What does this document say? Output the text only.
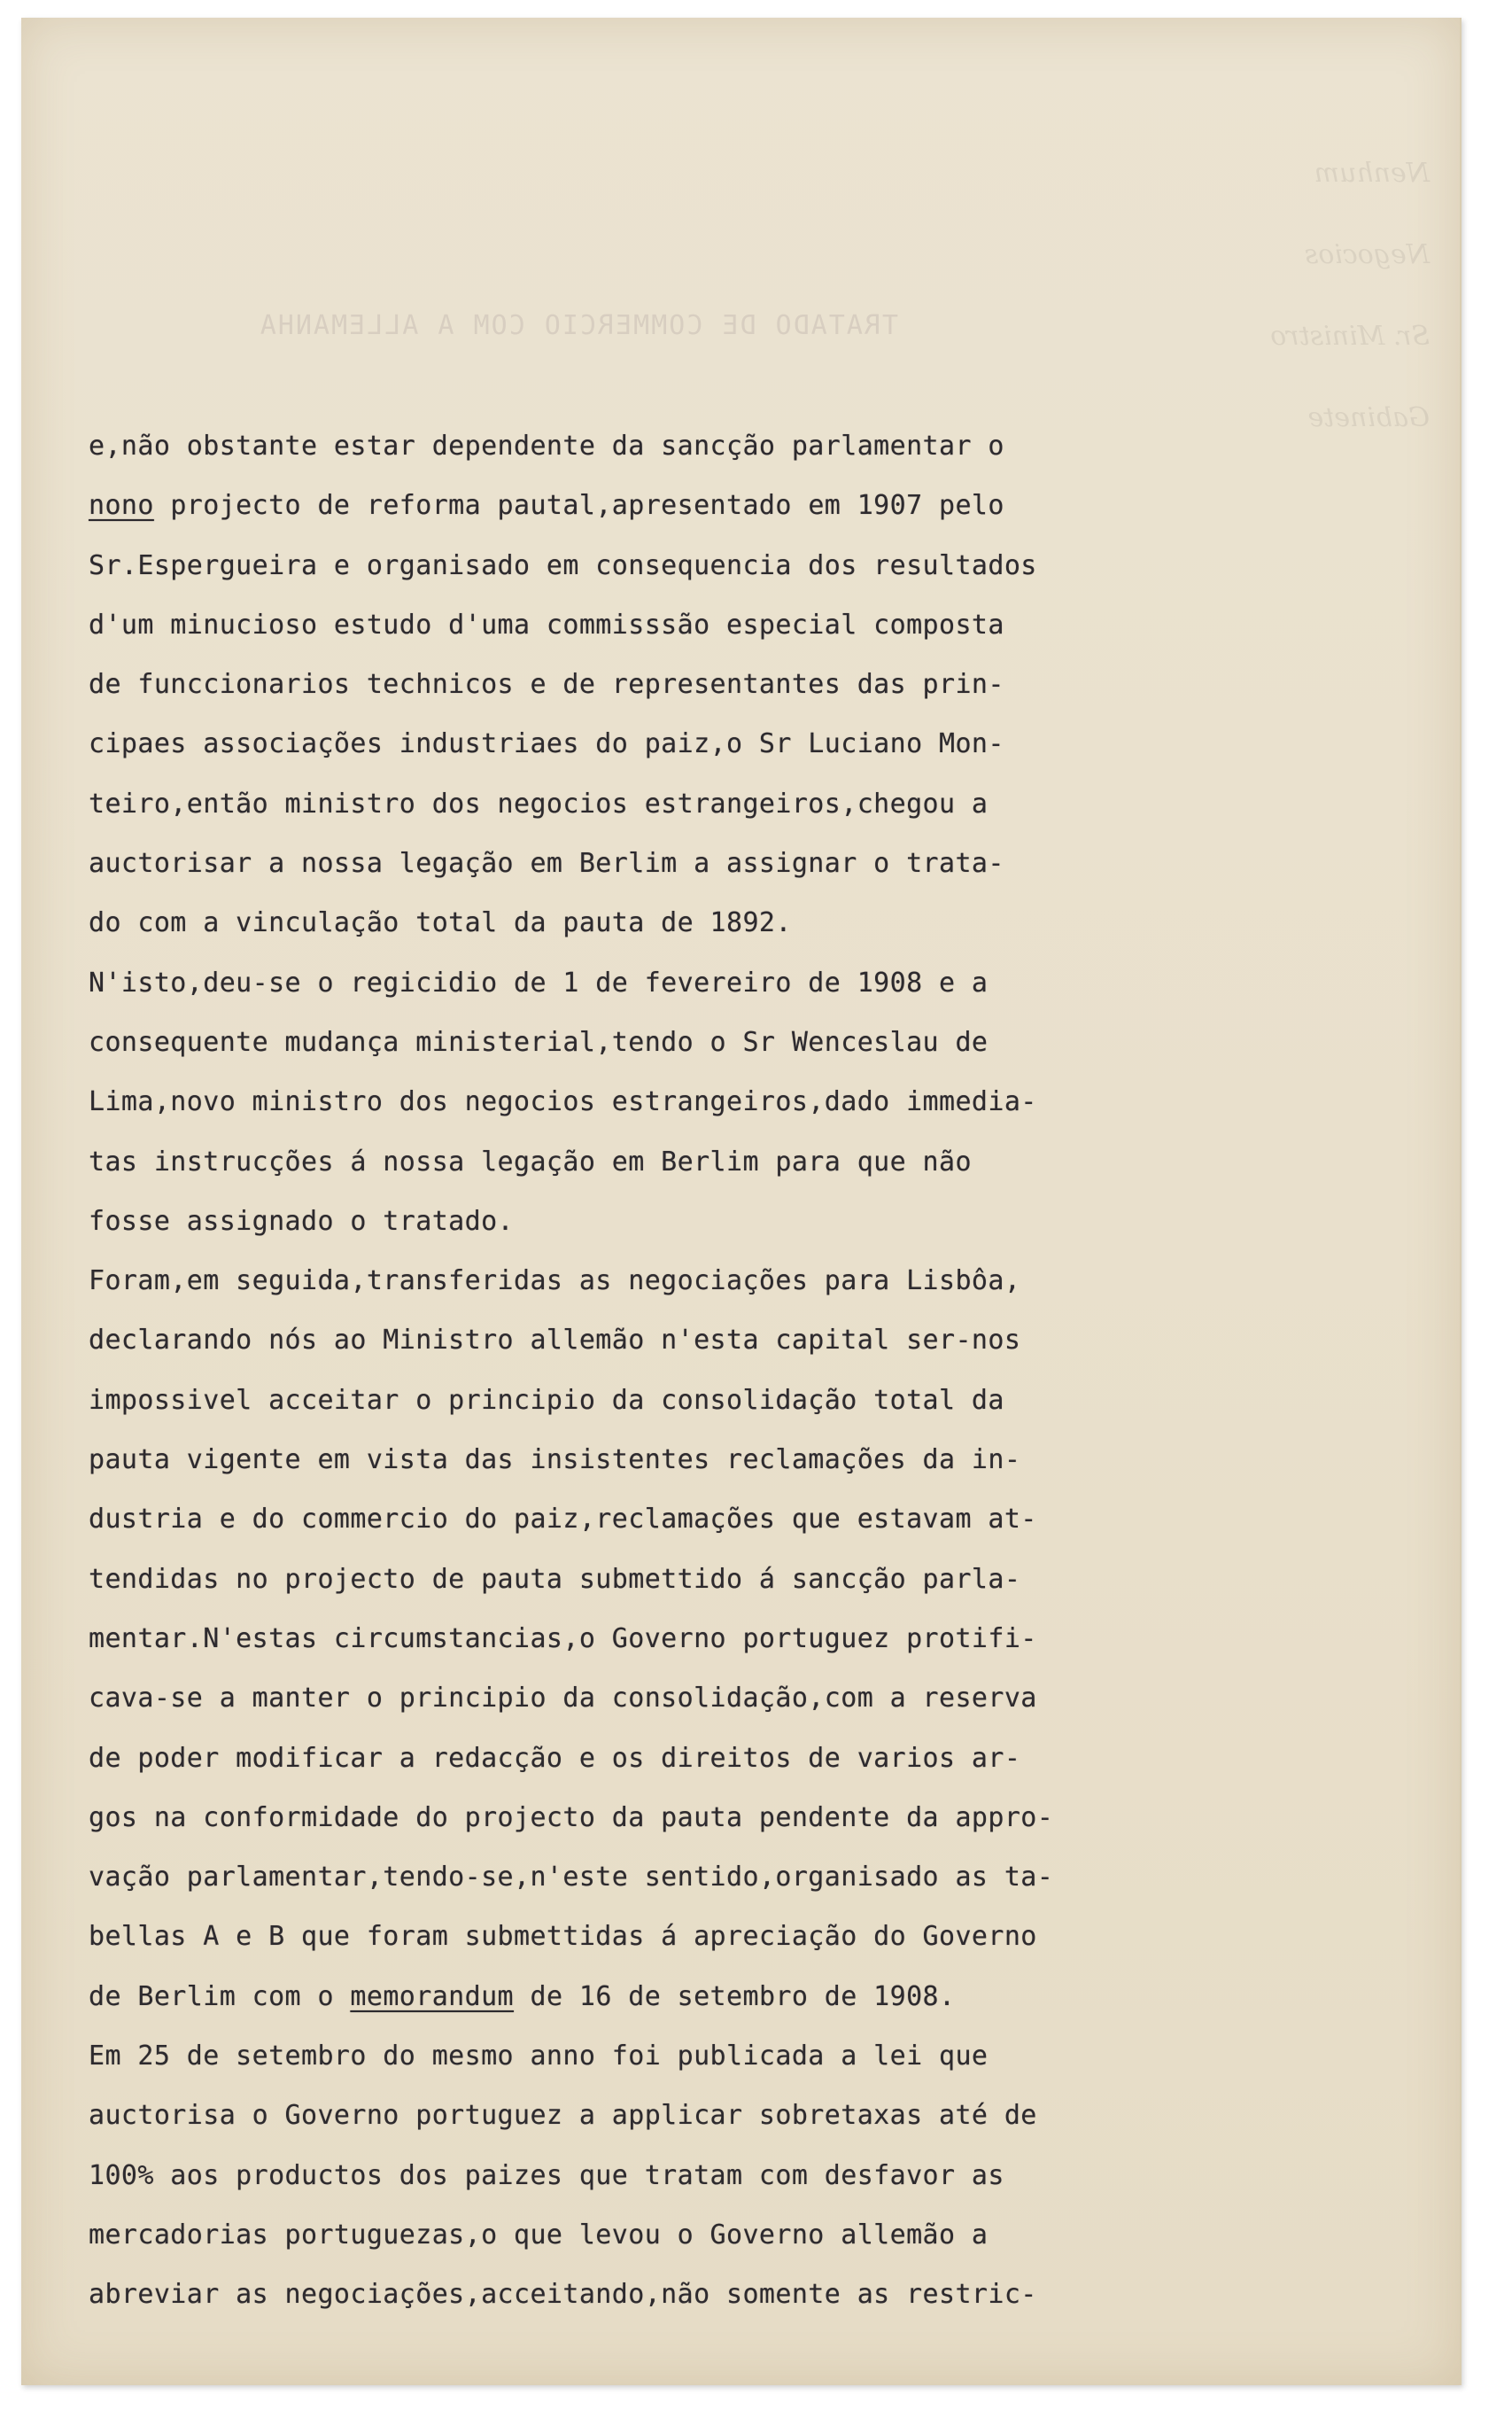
TRATADO DE COMMERCIO COM A ALLEMANHA
Nenhum
Negocios
Sr. Ministro
Gabinete
e,não obstante estar dependente da sancção parlamentar o
nono projecto de reforma pautal,apresentado em 1907 pelo
Sr.Espergueira e organisado em consequencia dos resultados
d'um minucioso estudo d'uma commisssão especial composta
de funccionarios technicos e de representantes das prin-
cipaes associações industriaes do paiz,o Sr Luciano Mon-
teiro,então ministro dos negocios estrangeiros,chegou a
auctorisar a nossa legação em Berlim a assignar o trata-
do com a vinculação total da pauta de 1892.
N'isto,deu-se o regicidio de 1 de fevereiro de 1908 e a
consequente mudança ministerial,tendo o Sr Wenceslau de
Lima,novo ministro dos negocios estrangeiros,dado immedia-
tas instrucções á nossa legação em Berlim para que não
fosse assignado o tratado.
Foram,em seguida,transferidas as negociações para Lisbôa,
declarando nós ao Ministro allemão n'esta capital ser-nos
impossivel acceitar o principio da consolidação total da
pauta vigente em vista das insistentes reclamações da in-
dustria e do commercio do paiz,reclamações que estavam at-
tendidas no projecto de pauta submettido á sancção parla-
mentar.N'estas circumstancias,o Governo portuguez protifi-
cava-se a manter o principio da consolidação,com a reserva
de poder modificar a redacção e os direitos de varios ar-
gos na conformidade do projecto da pauta pendente da appro-
vação parlamentar,tendo-se,n'este sentido,organisado as ta-
bellas A e B que foram submettidas á apreciação do Governo
de Berlim com o memorandum de 16 de setembro de 1908.
Em 25 de setembro do mesmo anno foi publicada a lei que
auctorisa o Governo portuguez a applicar sobretaxas até de
100% aos productos dos paizes que tratam com desfavor as
mercadorias portuguezas,o que levou o Governo allemão a
abreviar as negociações,acceitando,não somente as restric-
